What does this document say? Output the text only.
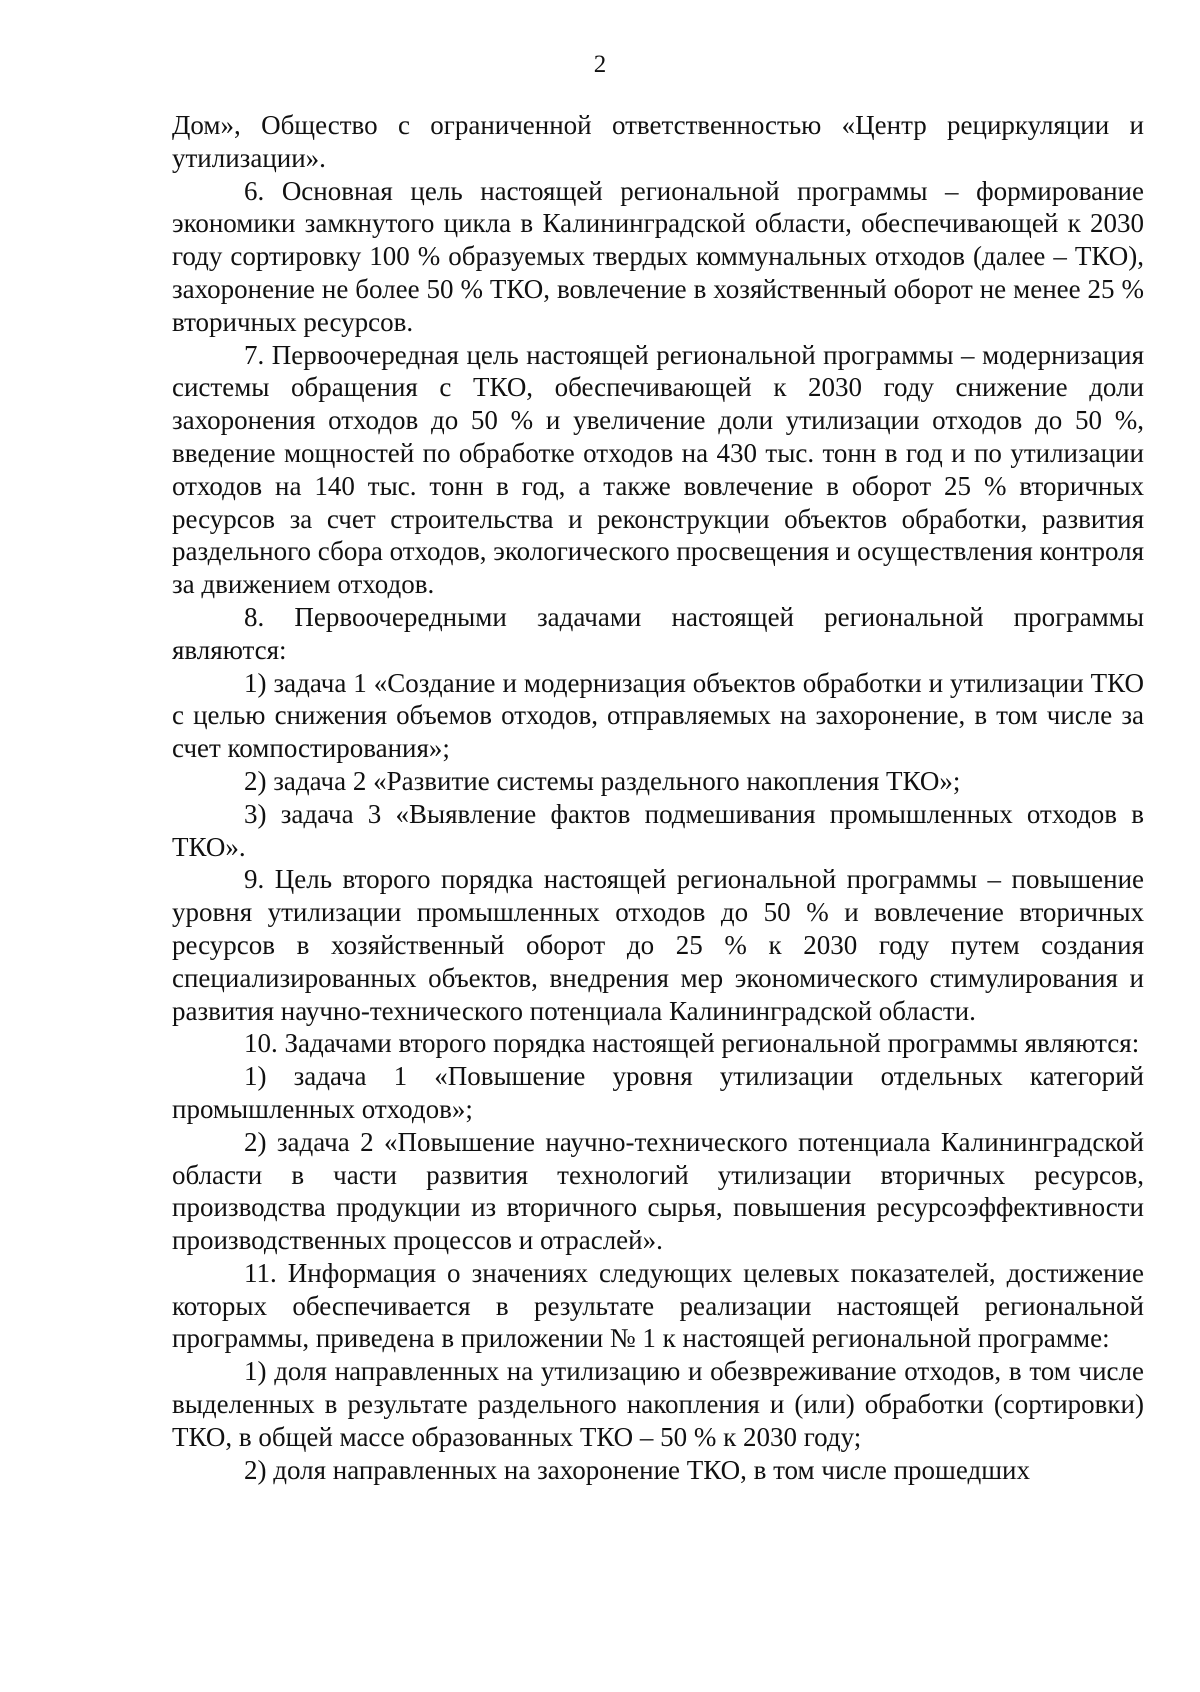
2

Дом», Общество с ограниченной ответственностью «Центр рециркуляции и утилизации».

6. Основная цель настоящей региональной программы – формирование экономики замкнутого цикла в Калининградской области, обеспечивающей к 2030 году сортировку 100 % образуемых твердых коммунальных отходов (далее – ТКО), захоронение не более 50 % ТКО, вовлечение в хозяйственный оборот не менее 25 % вторичных ресурсов.

7. Первоочередная цель настоящей региональной программы – модернизация системы обращения с ТКО, обеспечивающей к 2030 году снижение доли захоронения отходов до 50 % и увеличение доли утилизации отходов до 50 %, введение мощностей по обработке отходов на 430 тыс. тонн в год и по утилизации отходов на 140 тыс. тонн в год, а также вовлечение в оборот 25 % вторичных ресурсов за счет строительства и реконструкции объектов обработки, развития раздельного сбора отходов, экологического просвещения и осуществления контроля за движением отходов.

8. Первоочередными задачами настоящей региональной программы являются:

1) задача 1 «Создание и модернизация объектов обработки и утилизации ТКО с целью снижения объемов отходов, отправляемых на захоронение, в том числе за счет компостирования»;

2) задача 2 «Развитие системы раздельного накопления ТКО»;

3) задача 3 «Выявление фактов подмешивания промышленных отходов в ТКО».

9. Цель второго порядка настоящей региональной программы – повышение уровня утилизации промышленных отходов до 50 % и вовлечение вторичных ресурсов в хозяйственный оборот до 25 % к 2030 году путем создания специализированных объектов, внедрения мер экономического стимулирования и развития научно-технического потенциала Калининградской области.

10. Задачами второго порядка настоящей региональной программы являются:

1) задача 1 «Повышение уровня утилизации отдельных категорий промышленных отходов»;

2) задача 2 «Повышение научно-технического потенциала Калининградской области в части развития технологий утилизации вторичных ресурсов, производства продукции из вторичного сырья, повышения ресурсоэффективности производственных процессов и отраслей».

11. Информация о значениях следующих целевых показателей, достижение которых обеспечивается в результате реализации настоящей региональной программы, приведена в приложении № 1 к настоящей региональной программе:

1) доля направленных на утилизацию и обезвреживание отходов, в том числе выделенных в результате раздельного накопления и (или) обработки (сортировки) ТКО, в общей массе образованных ТКО – 50 % к 2030 году;

2) доля направленных на захоронение ТКО, в том числе прошедших
